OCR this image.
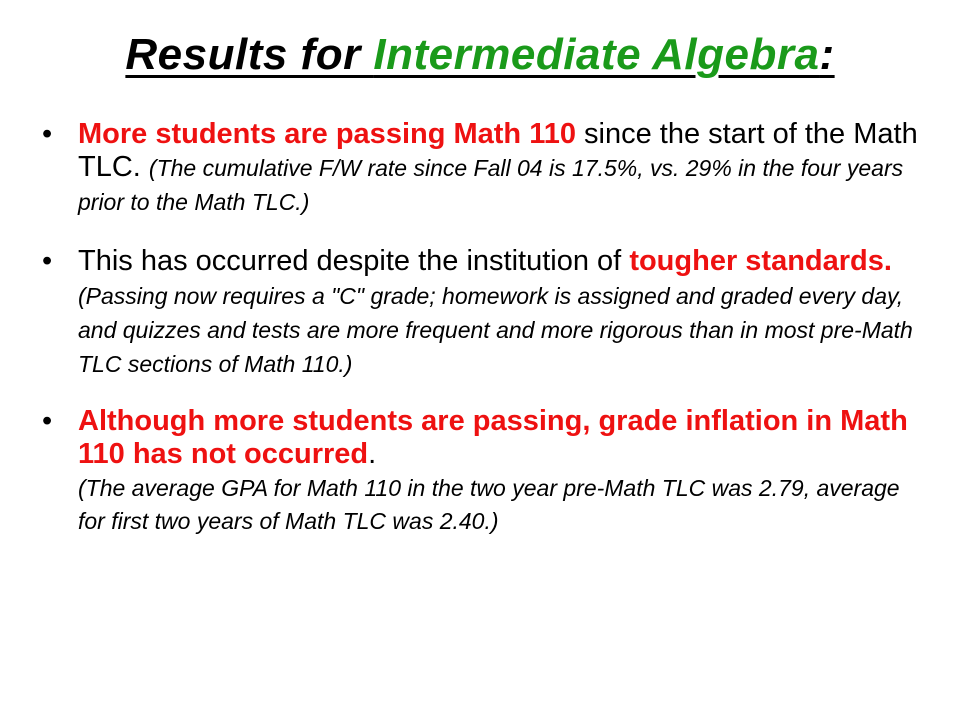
Results for Intermediate Algebra:
• More students are passing Math 110 since the start of the Math TLC. (The cumulative F/W rate since Fall 04 is 17.5%, vs. 29% in the four years prior to the Math TLC.)
• This has occurred despite the institution of tougher standards. (Passing now requires a "C" grade; homework is assigned and graded every day, and quizzes and tests are more frequent and more rigorous than in most pre-Math TLC sections of Math 110.)
• Although more students are passing, grade inflation in Math 110 has not occurred.
(The average GPA for Math 110 in the two year pre-Math TLC was 2.79, average for first two years of Math TLC was 2.40.)
